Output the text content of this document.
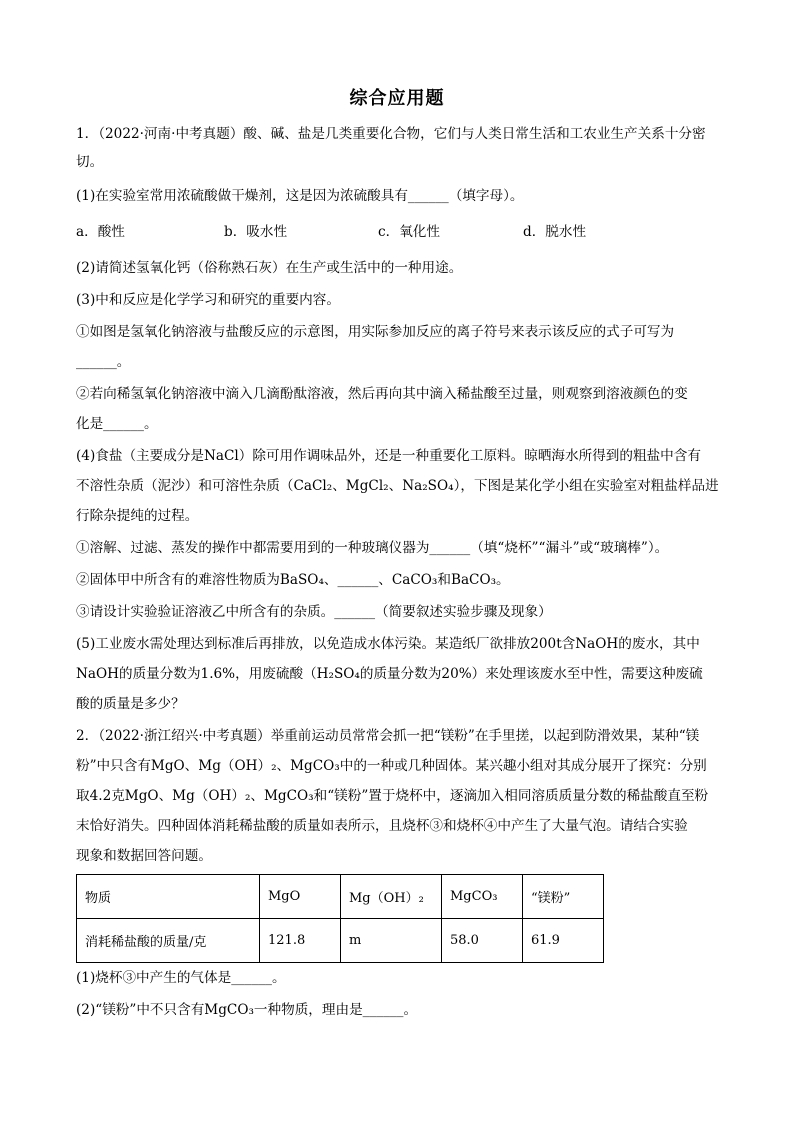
综合应用题
1．（2022·河南·中考真题）酸、碱、盐是几类重要化合物，它们与人类日常生活和工农业生产关系十分密
切。
(1)在实验室常用浓硫酸做干燥剂，这是因为浓硫酸具有______（填字母）。
a．酸性	b．吸水性	c．氧化性	d．脱水性
(2)请简述氢氧化钙（俗称熟石灰）在生产或生活中的一种用途。
(3)中和反应是化学学习和研究的重要内容。
①如图是氢氧化钠溶液与盐酸反应的示意图，用实际参加反应的离子符号来表示该反应的式子可写为
______。
②若向稀氢氧化钠溶液中滴入几滴酚酞溶液，然后再向其中滴入稀盐酸至过量，则观察到溶液颜色的变
化是______。
(4)食盐（主要成分是NaCl）除可用作调味品外，还是一种重要化工原料。晾晒海水所得到的粗盐中含有
不溶性杂质（泥沙）和可溶性杂质（CaCl₂、MgCl₂、Na₂SO₄），下图是某化学小组在实验室对粗盐样品进
行除杂提纯的过程。
①溶解、过滤、蒸发的操作中都需要用到的一种玻璃仪器为______（填“烧杯”“漏斗”或“玻璃棒”）。
②固体甲中所含有的难溶性物质为BaSO₄、______、CaCO₃和BaCO₃。
③请设计实验验证溶液乙中所含有的杂质。______（简要叙述实验步骤及现象）
(5)工业废水需处理达到标准后再排放，以免造成水体污染。某造纸厂欲排放200t含NaOH的废水，其中
NaOH的质量分数为1.6%，用废硫酸（H₂SO₄的质量分数为20%）来处理该废水至中性，需要这种废硫
酸的质量是多少？
2．（2022·浙江绍兴·中考真题）举重前运动员常常会抓一把“镁粉”在手里搓，以起到防滑效果，某种“镁
粉”中只含有MgO、Mg（OH）₂、MgCO₃中的一种或几种固体。某兴趣小组对其成分展开了探究：分别
取4.2克MgO、Mg（OH）₂、MgCO₃和“镁粉”置于烧杯中，逐滴加入相同溶质质量分数的稀盐酸直至粉
末恰好消失。四种固体消耗稀盐酸的质量如表所示，且烧杯③和烧杯④中产生了大量气泡。请结合实验
现象和数据回答问题。
物质	MgO	Mg（OH）₂	MgCO₃	“镁粉”
消耗稀盐酸的质量/克	121.8	m	58.0	61.9
(1)烧杯③中产生的气体是______。
(2)“镁粉”中不只含有MgCO₃一种物质，理由是______。
